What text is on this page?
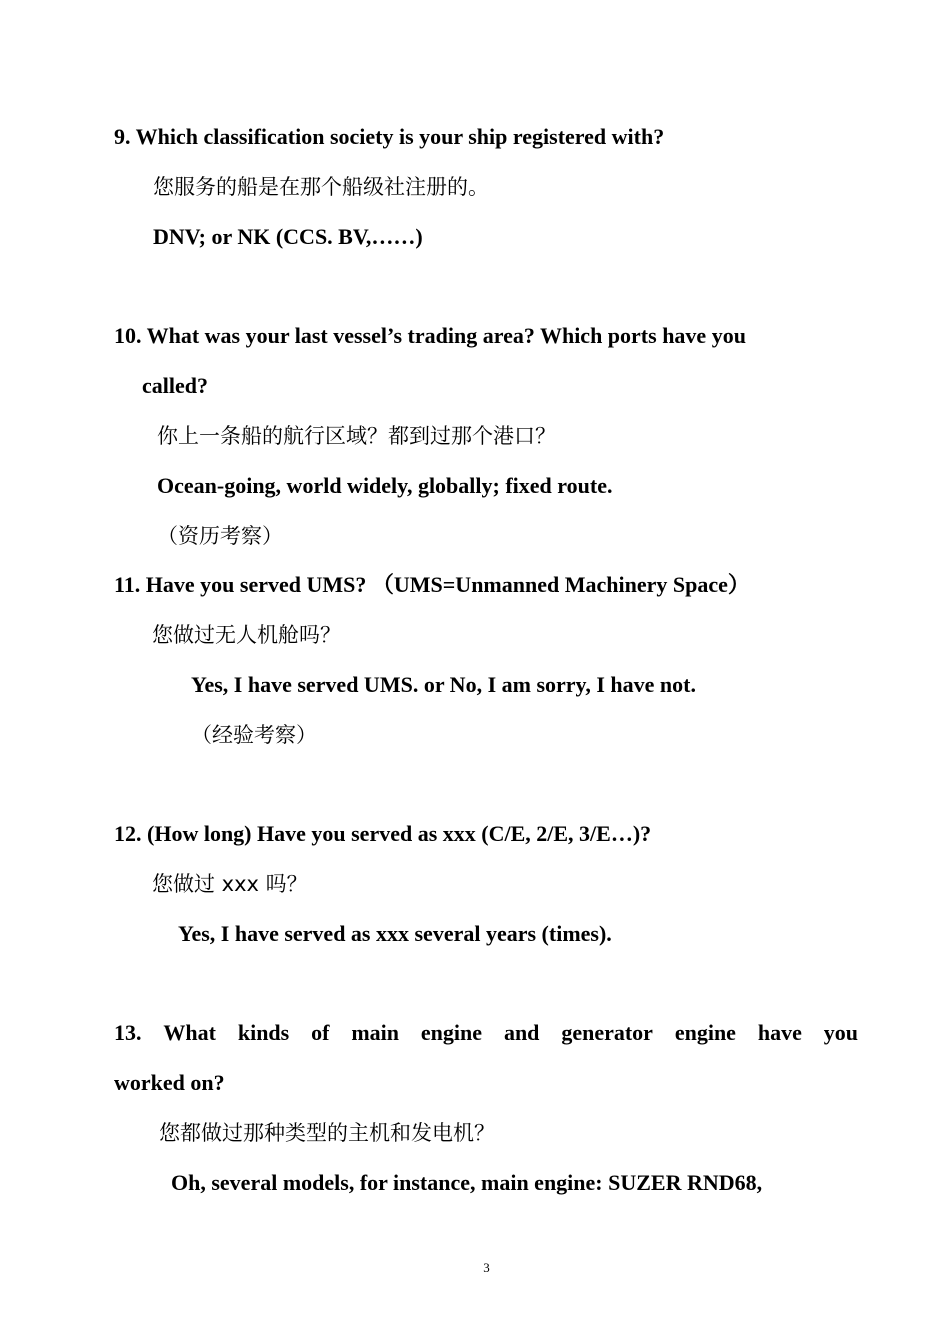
9. Which classification society is your ship registered with?
您服务的船是在那个船级社注册的。
DNV; or NK (CCS. BV,……)
10. What was your last vessel’s trading area? Which ports have you
called?
你上一条船的航行区域？都到过那个港口？
Ocean-going, world widely, globally; fixed route.
（资历考察）
11. Have you served UMS? （UMS=Unmanned Machinery Space）
您做过无人机舱吗？
Yes, I have served UMS. or No, I am sorry, I have not.
（经验考察）
12. (How long) Have you served as xxx (C/E, 2/E, 3/E…)?
您做过 xxx 吗？
Yes, I have served as xxx several years (times).
13. What kinds of main engine and generator engine have you
worked on?
您都做过那种类型的主机和发电机？
Oh, several models, for instance, main engine: SUZER RND68,
3
